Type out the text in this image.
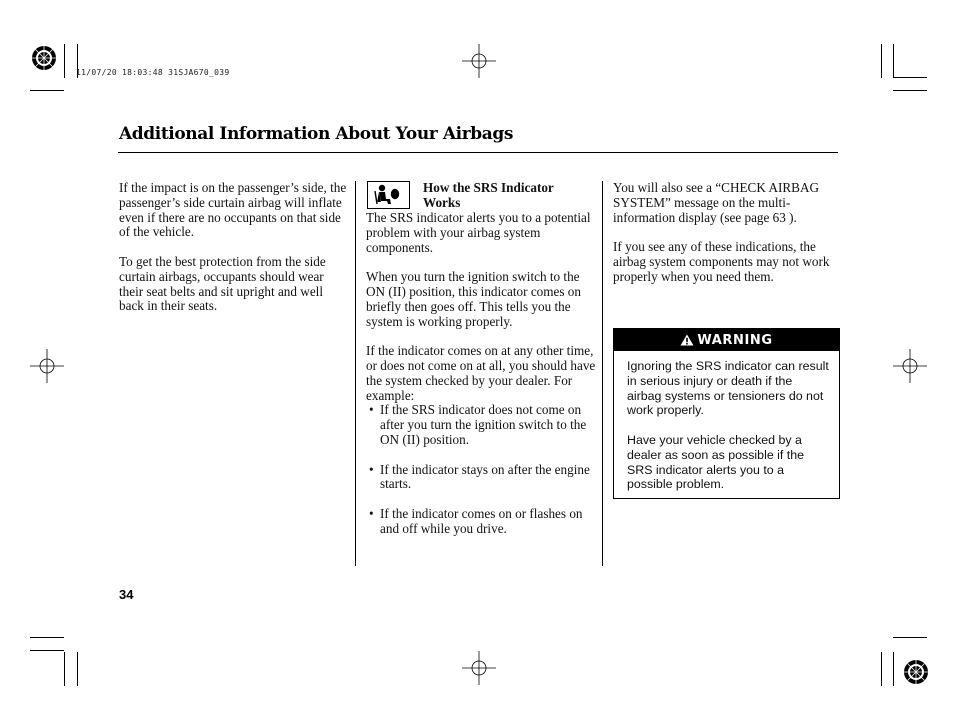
11/07/20 18:03:48 31SJA670_039
Additional Information About Your Airbags

If the impact is on the passenger’s side, the passenger’s side curtain airbag will inflate even if there are no occupants on that side of the vehicle.

To get the best protection from the side curtain airbags, occupants should wear their seat belts and sit upright and well back in their seats.

How the SRS Indicator Works

The SRS indicator alerts you to a potential problem with your airbag system components.

When you turn the ignition switch to the ON (II) position, this indicator comes on briefly then goes off. This tells you the system is working properly.

If the indicator comes on at any other time, or does not come on at all, you should have the system checked by your dealer. For example:

• If the SRS indicator does not come on after you turn the ignition switch to the ON (II) position.
• If the indicator stays on after the engine starts.
• If the indicator comes on or flashes on and off while you drive.

You will also see a “CHECK AIRBAG SYSTEM” message on the multi-information display (see page 63 ).

If you see any of these indications, the airbag system components may not work properly when you need them.

WARNING

Ignoring the SRS indicator can result in serious injury or death if the airbag systems or tensioners do not work properly.

Have your vehicle checked by a dealer as soon as possible if the SRS indicator alerts you to a possible problem.

34
